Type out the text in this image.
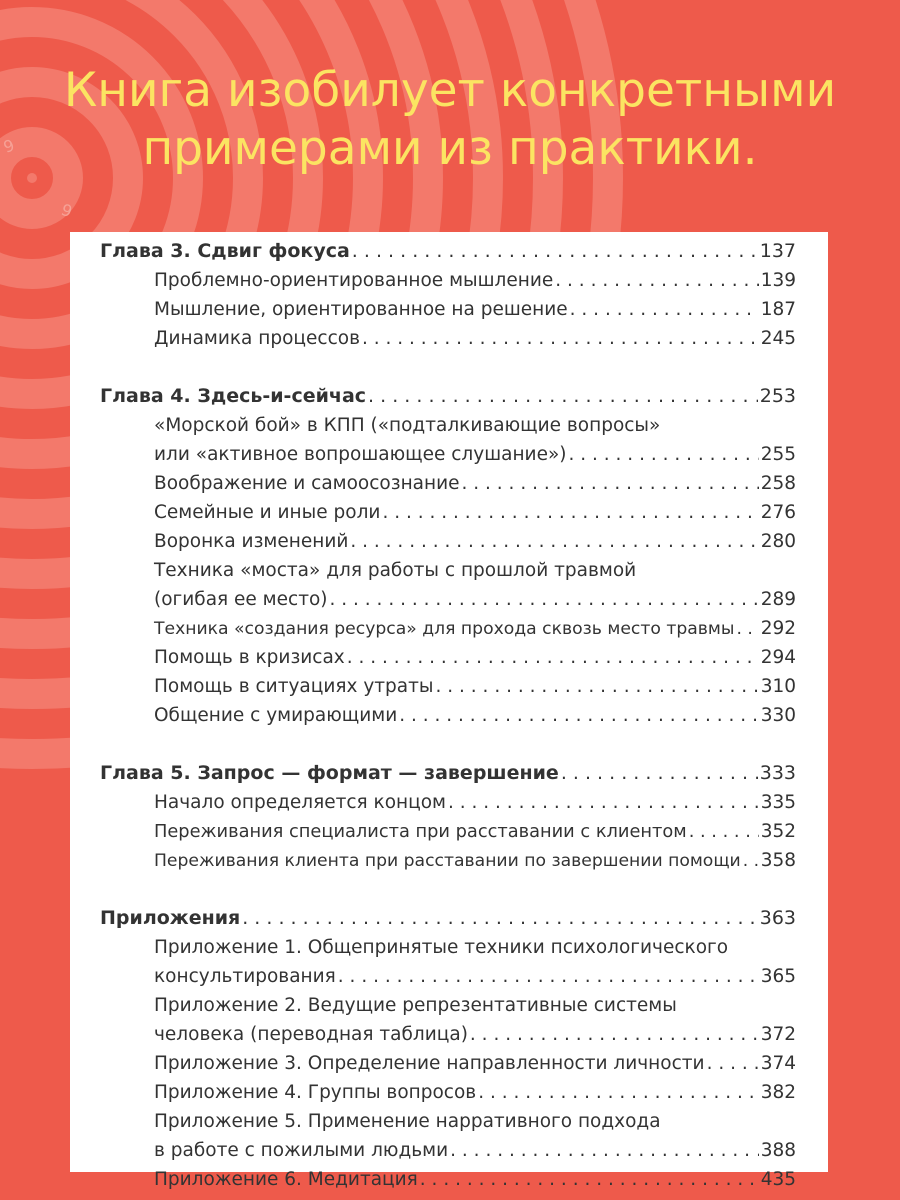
9
9
Книга изобилует конкретными
примерами из практики.
Глава 3. Сдвиг фокуса . . .	137
Проблемно-ориентированное мышление . . .	139
Мышление, ориентированное на решение . . .	187
Динамика процессов . . .	245
Глава 4. Здесь-и-сейчас . . .	253
«Морской бой» в КПП («подталкивающие вопросы»
или «активное вопрошающее слушание») . . .	255
Воображение и самоосознание . . .	258
Семейные и иные роли . . .	276
Воронка изменений . . .	280
Техника «моста» для работы с прошлой травмой
(огибая ее место) . . .	289
Техника «создания ресурса» для прохода сквозь место травмы . . . 292
Помощь в кризисах . . .	294
Помощь в ситуациях утраты . . .	310
Общение с умирающими . . .	330
Глава 5. Запрос — формат — завершение . . .	333
Начало определяется концом . . .	335
Переживания специалиста при расставании с клиентом . . .	352
Переживания клиента при расставании по завершении помощи . . . 358
Приложения . . .	363
Приложение 1. Общепринятые техники психологического
консультирования . . .	365
Приложение 2. Ведущие репрезентативные системы
человека (переводная таблица) . . .	372
Приложение 3. Определение направленности личности . . .	374
Приложение 4. Группы вопросов . . .	382
Приложение 5. Применение нарративного подхода
в работе с пожилыми людьми . . .	388
Приложение 6. Медитация . . .	435
